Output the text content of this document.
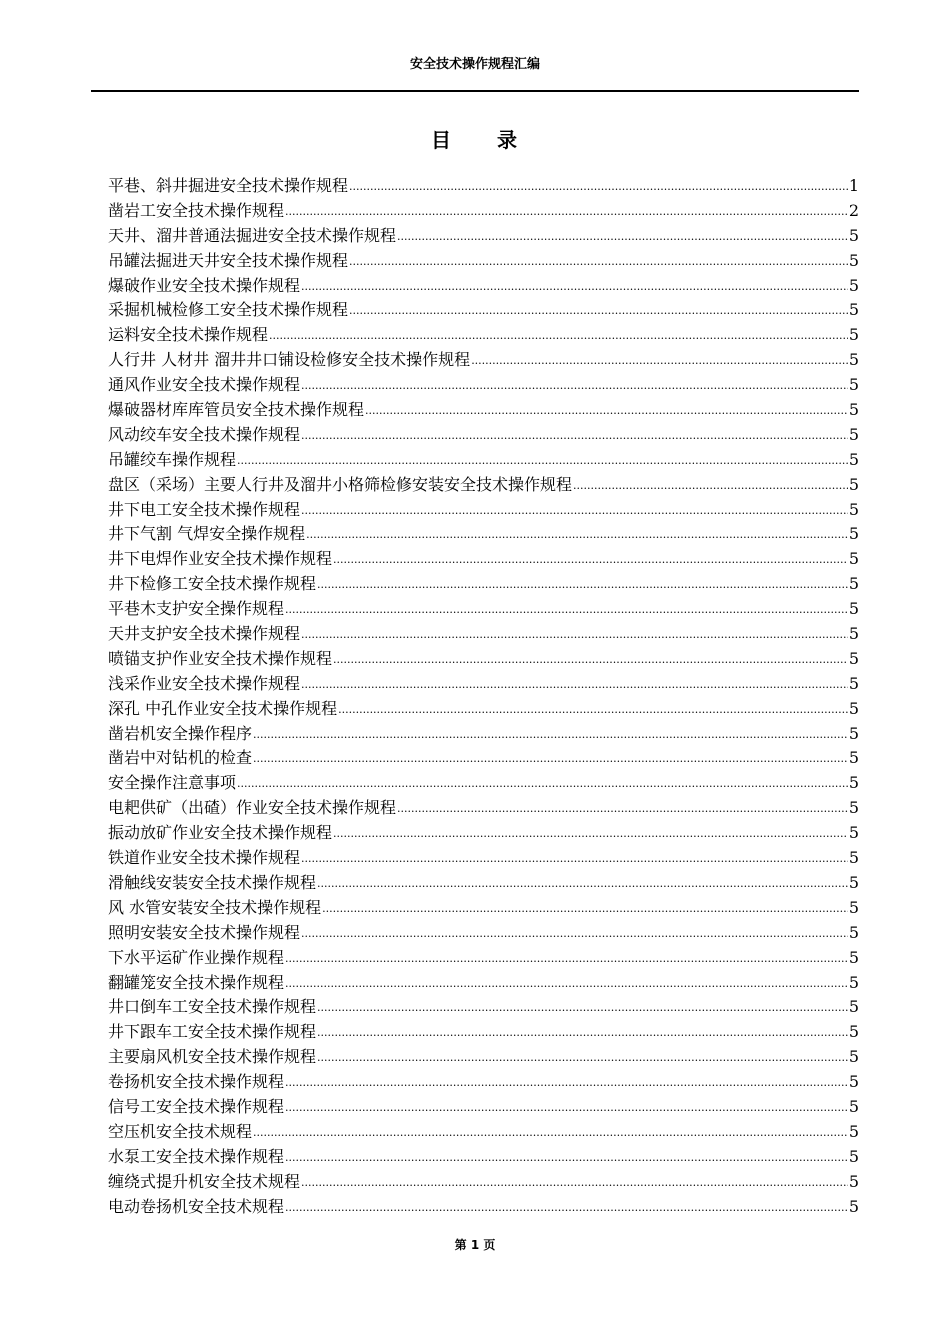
安全技术操作规程汇编
目 录
平巷、斜井掘进安全技术操作规程 .....	1
凿岩工安全技术操作规程 .....	2
天井、溜井普通法掘进安全技术操作规程 .....	5
吊罐法掘进天井安全技术操作规程 .....	5
爆破作业安全技术操作规程 .....	5
采掘机械检修工安全技术操作规程 .....	5
运料安全技术操作规程 .....	5
人行井 人材井 溜井井口铺设检修安全技术操作规程 .....	5
通风作业安全技术操作规程 .....	5
爆破器材库库管员安全技术操作规程 .....	5
风动绞车安全技术操作规程 .....	5
吊罐绞车操作规程 .....	5
盘区（采场）主要人行井及溜井小格筛检修安装安全技术操作规程 .....	5
井下电工安全技术操作规程 .....	5
井下气割 气焊安全操作规程 .....	5
井下电焊作业安全技术操作规程 .....	5
井下检修工安全技术操作规程 .....	5
平巷木支护安全操作规程 .....	5
天井支护安全技术操作规程 .....	5
喷锚支护作业安全技术操作规程 .....	5
浅采作业安全技术操作规程 .....	5
深孔 中孔作业安全技术操作规程 .....	5
凿岩机安全操作程序 .....	5
凿岩中对钻机的检查 .....	5
安全操作注意事项 .....	5
电耙供矿（出碴）作业安全技术操作规程 .....	5
振动放矿作业安全技术操作规程 .....	5
铁道作业安全技术操作规程 .....	5
滑触线安装安全技术操作规程 .....	5
风 水管安装安全技术操作规程 .....	5
照明安装安全技术操作规程 .....	5
下水平运矿作业操作规程 .....	5
翻罐笼安全技术操作规程 .....	5
井口倒车工安全技术操作规程 .....	5
井下跟车工安全技术操作规程 .....	5
主要扇风机安全技术操作规程 .....	5
卷扬机安全技术操作规程 .....	5
信号工安全技术操作规程 .....	5
空压机安全技术规程 .....	5
水泵工安全技术操作规程 .....	5
缠绕式提升机安全技术规程 .....	5
电动卷扬机安全技术规程 .....	5
第 1 页
